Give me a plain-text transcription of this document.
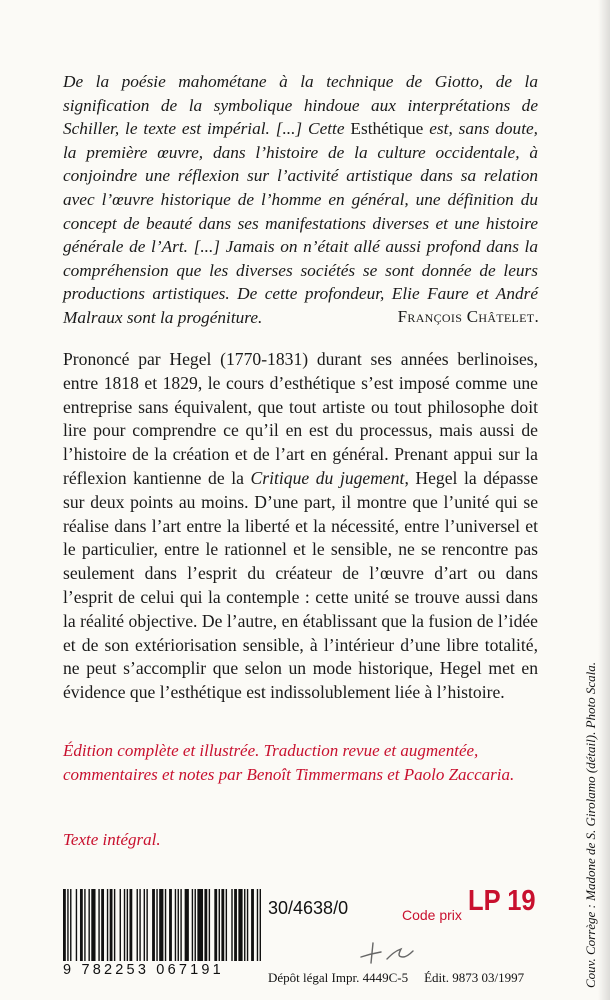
De la poésie mahométane à la technique de Giotto, de la signification de la symbolique hindoue aux interprétations de Schiller, le texte est impérial. [...] Cette Esthétique est, sans doute, la première œuvre, dans l’histoire de la culture occidentale, à conjoindre une réflexion sur l’activité artistique dans sa relation avec l’œuvre historique de l’homme en général, une définition du concept de beauté dans ses manifestations diverses et une histoire générale de l’Art. [...] Jamais on n’était allé aussi profond dans la compréhension que les diverses sociétés se sont donnée de leurs productions artistiques. De cette profondeur, Elie Faure et André Malraux sont la progéniture.	François Châtelet.

Prononcé par Hegel (1770-1831) durant ses années berlinoises, entre 1818 et 1829, le cours d’esthétique s’est imposé comme une entreprise sans équivalent, que tout artiste ou tout philosophe doit lire pour comprendre ce qu’il en est du processus, mais aussi de l’histoire de la création et de l’art en général. Prenant appui sur la réflexion kantienne de la Critique du jugement, Hegel la dépasse sur deux points au moins. D’une part, il montre que l’unité qui se réalise dans l’art entre la liberté et la nécessité, entre l’universel et le particulier, entre le rationnel et le sensible, ne se rencontre pas seulement dans l’esprit du créateur de l’œuvre d’art ou dans l’esprit de celui qui la contemple : cette unité se trouve aussi dans la réalité objective. De l’autre, en établissant que la fusion de l’idée et de son extériorisation sensible, à l’intérieur d’une libre totalité, ne peut s’accomplir que selon un mode historique, Hegel met en évidence que l’esthétique est indissolublement liée à l’histoire.

Édition complète et illustrée. Traduction revue et augmentée,
commentaires et notes par Benoît Timmermans et Paolo Zaccaria.

Texte intégral.

9 782253 067191

30/4638/0	Code prix LP 19

Dépôt légal Impr. 4449C-5 Édit. 9873 03/1997	Couv. Corrège : Madone de S. Girolamo (détail). Photo Scala.
